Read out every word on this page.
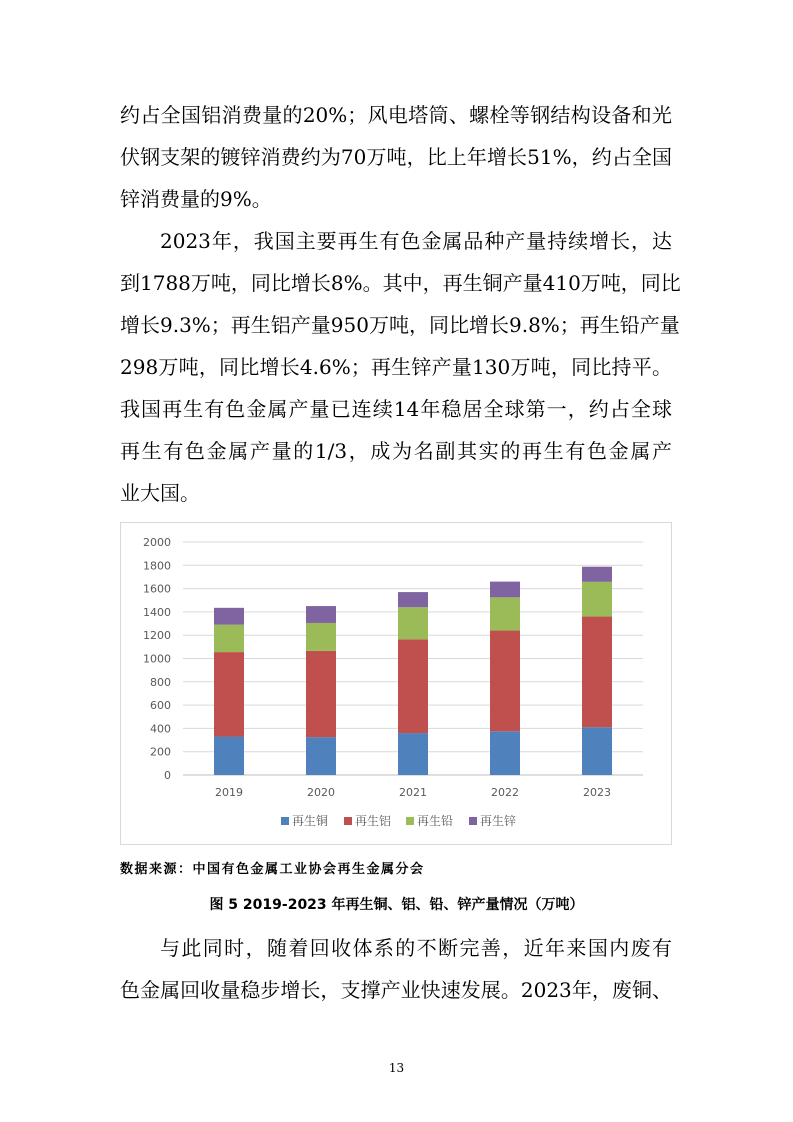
约占全国铝消费量的20%；风电塔筒、螺栓等钢结构设备和光
伏钢支架的镀锌消费约为70万吨，比上年增长51%，约占全国
锌消费量的9%。
2023年，我国主要再生有色金属品种产量持续增长，达
到1788万吨，同比增长8%。其中，再生铜产量410万吨，同比
增长9.3%；再生铝产量950万吨，同比增长9.8%；再生铅产量
298万吨，同比增长4.6%；再生锌产量130万吨，同比持平。
我国再生有色金属产量已连续14年稳居全球第一，约占全球
再生有色金属产量的1/3，成为名副其实的再生有色金属产
业大国。
0
200
400
600
800
1000
1200
1400
1600
1800
2000
2019	2020	2021	2022	2023
再生铜 再生铝 再生铅 再生锌
数据来源：中国有色金属工业协会再生金属分会
图 5 2019-2023 年再生铜、铝、铅、锌产量情况（万吨）
与此同时，随着回收体系的不断完善，近年来国内废有
色金属回收量稳步增长，支撑产业快速发展。2023年，废铜、
13
